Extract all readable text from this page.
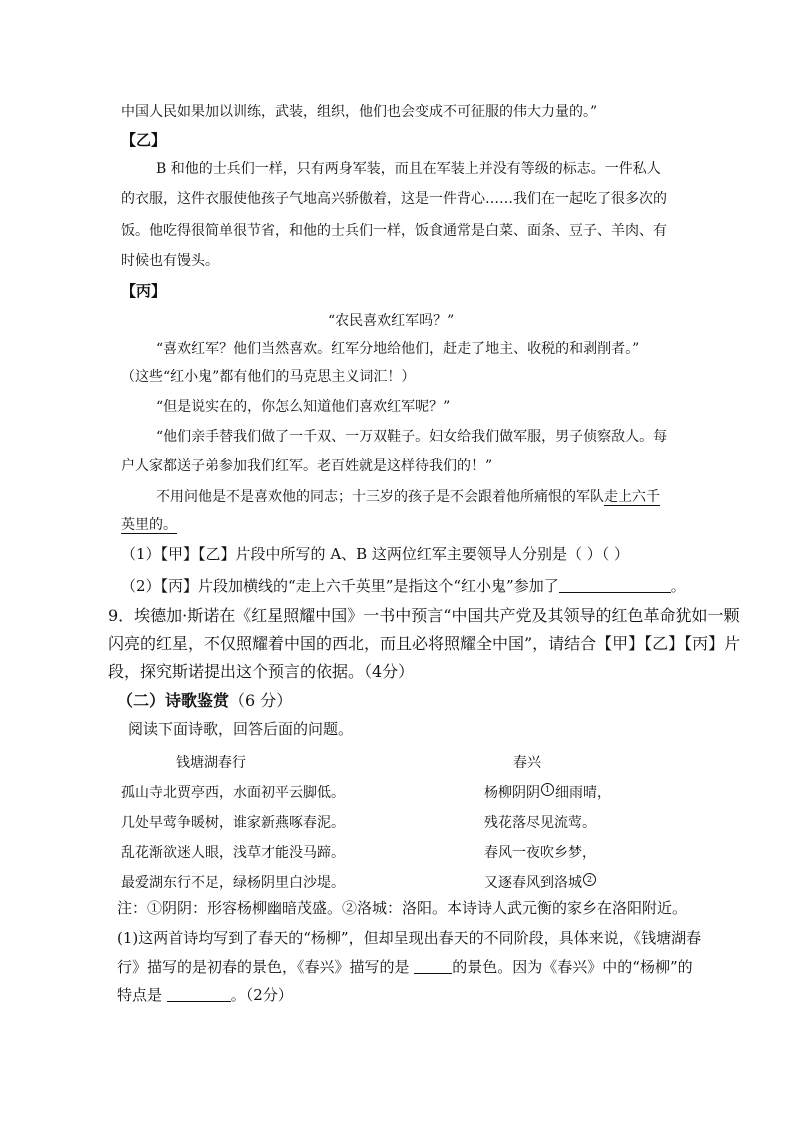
中国人民如果加以训练，武装，组织，他们也会变成不可征服的伟大力量的。”
【乙】
B 和他的士兵们一样，只有两身军装，而且在军装上并没有等级的标志。一件私人
的衣服，这件衣服使他孩子气地高兴骄傲着，这是一件背心……我们在一起吃了很多次的
饭。他吃得很简单很节省，和他的士兵们一样，饭食通常是白菜、面条、豆子、羊肉、有
时候也有馒头。
【丙】
“农民喜欢红军吗？”
“喜欢红军？他们当然喜欢。红军分地给他们，赶走了地主、收税的和剥削者。”
（这些“红小鬼”都有他们的马克思主义词汇！）
“但是说实在的，你怎么知道他们喜欢红军呢？”
“他们亲手替我们做了一千双、一万双鞋子。妇女给我们做军服，男子侦察敌人。每
户人家都送子弟参加我们红军。老百姓就是这样待我们的！”
不用问他是不是喜欢他的同志；十三岁的孩子是不会跟着他所痛恨的军队走上六千
英里的。
（1）【甲】【乙】片段中所写的 A、B 这两位红军主要领导人分别是（ ）（ ）
（2）【丙】片段加横线的“走上六千英里”是指这个“红小鬼”参加了	。
9．埃德加·斯诺在《红星照耀中国》一书中预言“中国共产党及其领导的红色革命犹如一颗
闪亮的红星，不仅照耀着中国的西北，而且必将照耀全中国”，请结合【甲】【乙】【丙】片
段，探究斯诺提出这个预言的依据。（4分）
（二）诗歌鉴赏（6 分）
阅读下面诗歌，回答后面的问题。
钱塘湖春行
孤山寺北贾亭西，水面初平云脚低。
几处早莺争暖树，谁家新燕啄春泥。
乱花渐欲迷人眼，浅草才能没马蹄。
最爱湖东行不足，绿杨阴里白沙堤。
春兴
杨柳阴阴 1 细雨晴，
残花落尽见流莺。
春风一夜吹乡梦，
又逐春风到洛城 2
注：①阴阴：形容杨柳幽暗茂盛。②洛城：洛阳。本诗诗人武元衡的家乡在洛阳附近。
(1)这两首诗均写到了春天的“杨柳”，但却呈现出春天的不同阶段，具体来说，《钱塘湖春
行》描写的是初春的景色，《春兴》描写的是	的景色。因为《春兴》中的“杨柳”的
特点是	。（2分）
